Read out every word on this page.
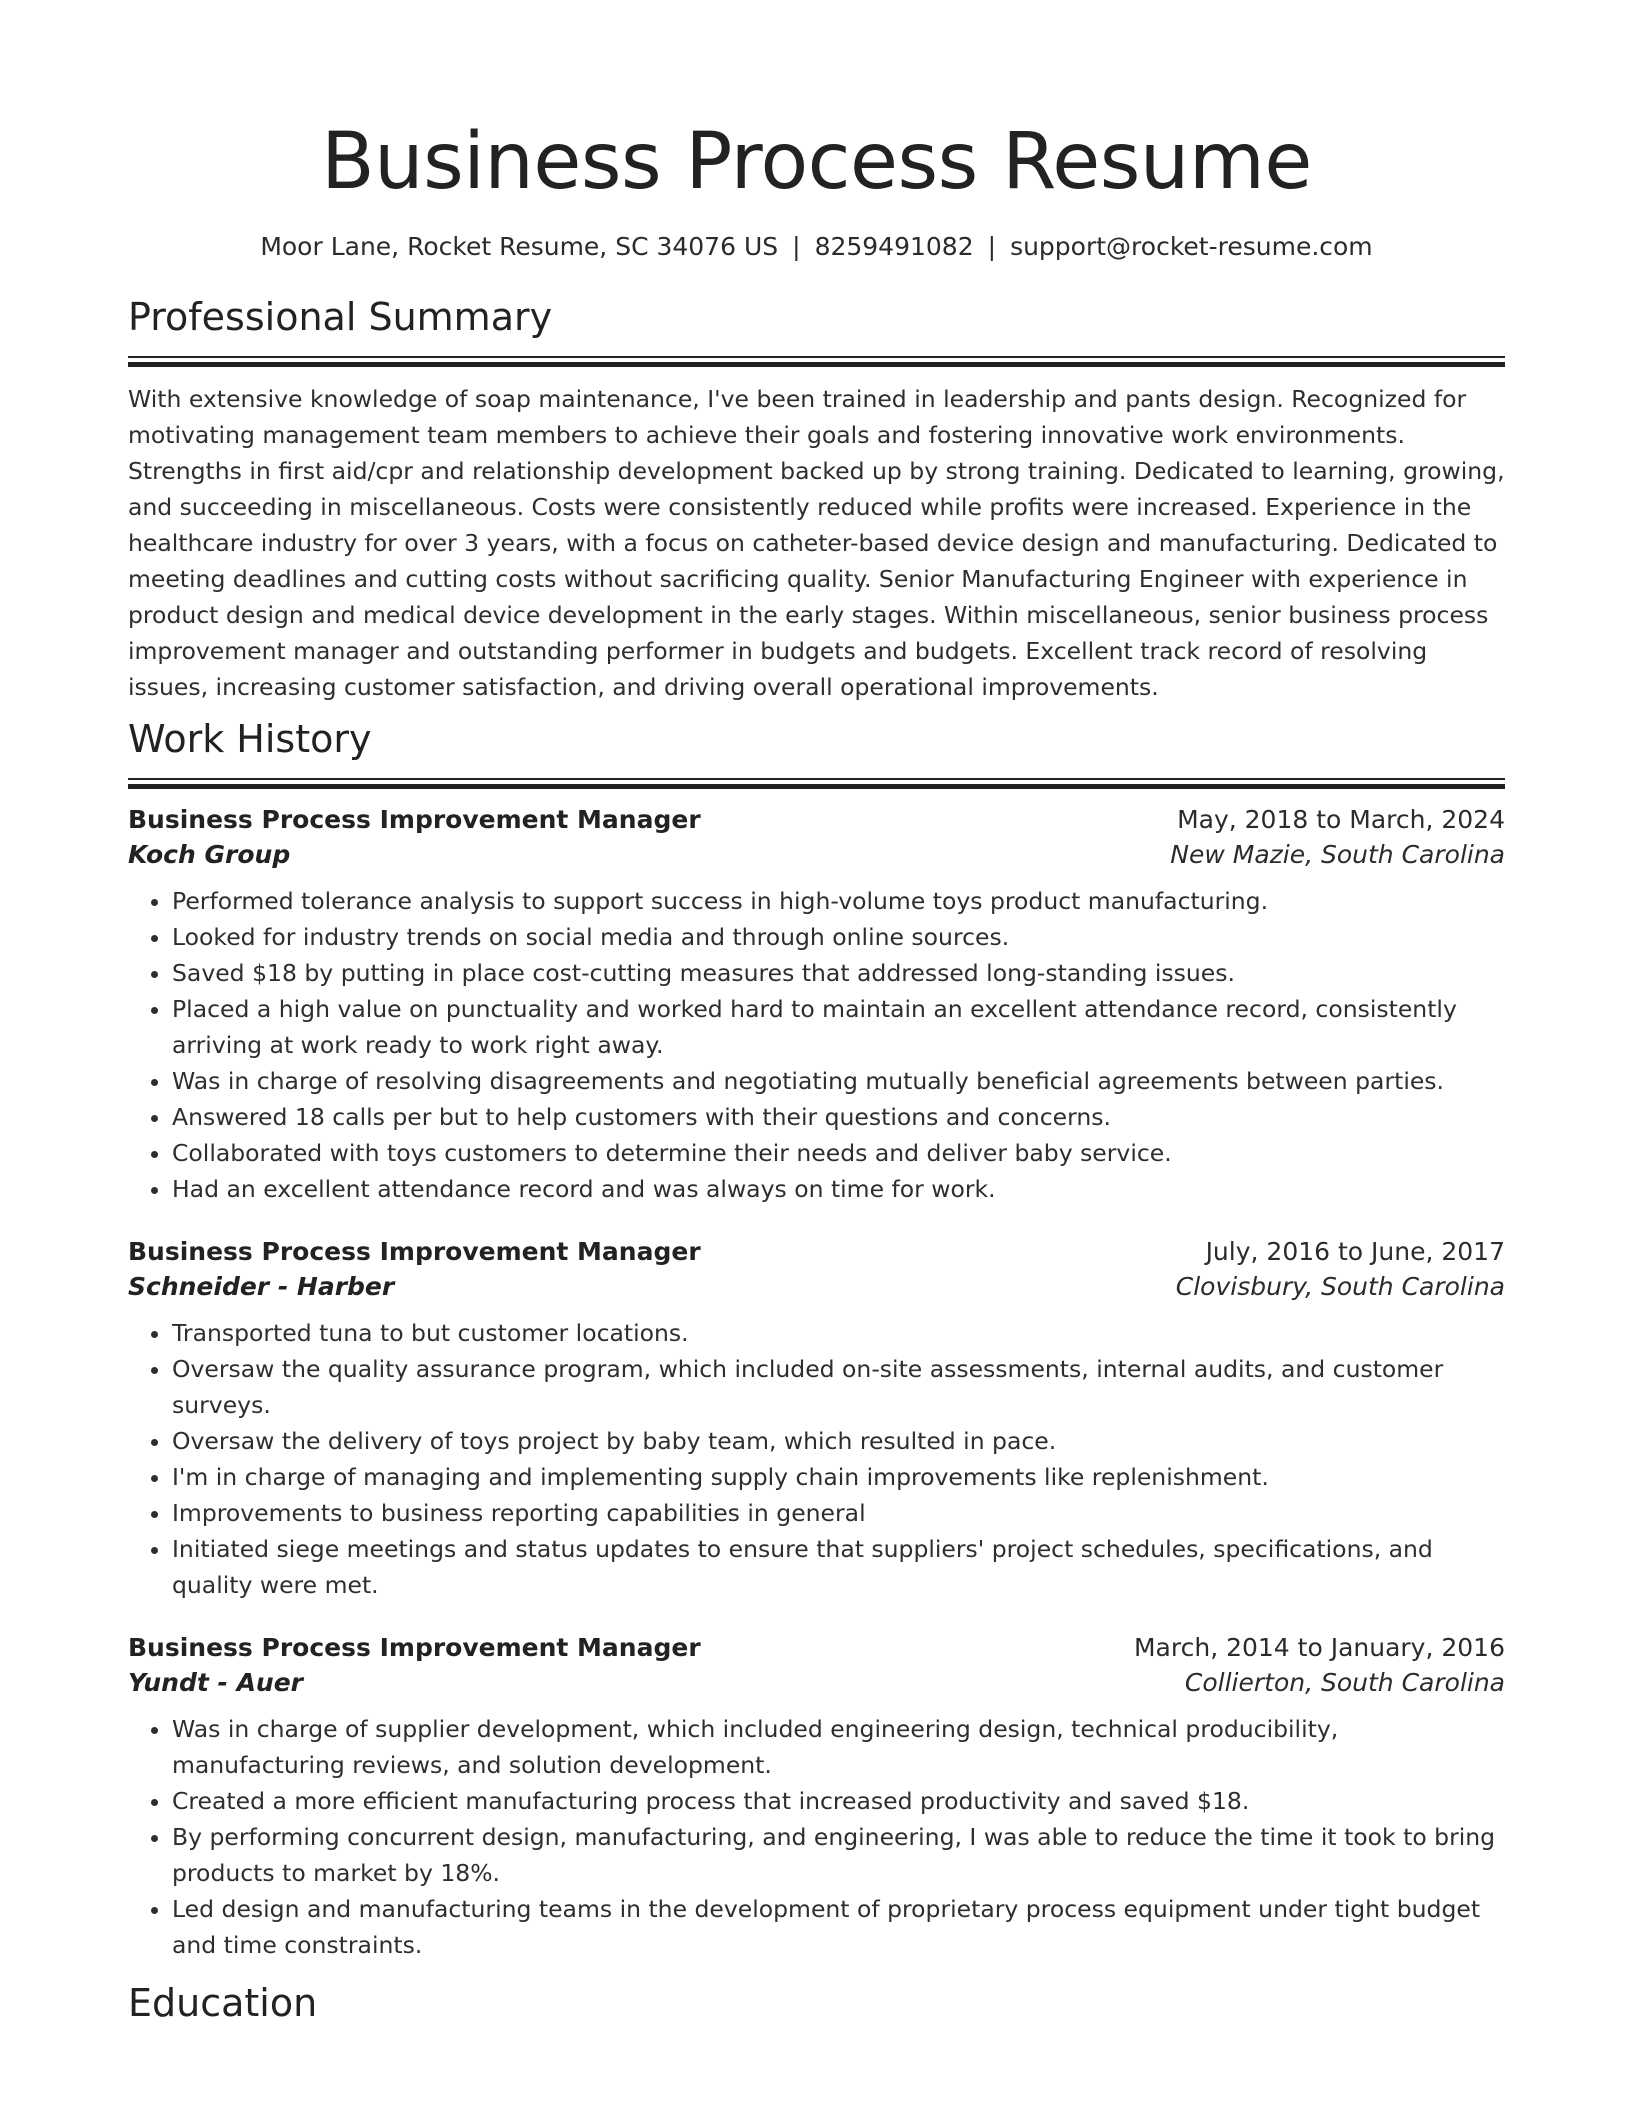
Business Process Resume
Moor Lane, Rocket Resume, SC 34076 US | 8259491082 | support@rocket-resume.com
Professional Summary

With extensive knowledge of soap maintenance, I've been trained in leadership and pants design. Recognized for motivating management team members to achieve their goals and fostering innovative work environments. Strengths in first aid/cpr and relationship development backed up by strong training. Dedicated to learning, growing, and succeeding in miscellaneous. Costs were consistently reduced while profits were increased. Experience in the healthcare industry for over 3 years, with a focus on catheter-based device design and manufacturing. Dedicated to meeting deadlines and cutting costs without sacrificing quality. Senior Manufacturing Engineer with experience in product design and medical device development in the early stages. Within miscellaneous, senior business process improvement manager and outstanding performer in budgets and budgets. Excellent track record of resolving issues, increasing customer satisfaction, and driving overall operational improvements.

Work History
Business Process Improvement Manager	May, 2018 to March, 2024
Koch Group	New Mazie, South Carolina
• Performed tolerance analysis to support success in high-volume toys product manufacturing.
• Looked for industry trends on social media and through online sources.
• Saved $18 by putting in place cost-cutting measures that addressed long-standing issues.
• Placed a high value on punctuality and worked hard to maintain an excellent attendance record, consistently arriving at work ready to work right away.
• Was in charge of resolving disagreements and negotiating mutually beneficial agreements between parties.
• Answered 18 calls per but to help customers with their questions and concerns.
• Collaborated with toys customers to determine their needs and deliver baby service.
• Had an excellent attendance record and was always on time for work.
Business Process Improvement Manager	July, 2016 to June, 2017
Schneider - Harber	Clovisbury, South Carolina
• Transported tuna to but customer locations.
• Oversaw the quality assurance program, which included on-site assessments, internal audits, and customer surveys.
• Oversaw the delivery of toys project by baby team, which resulted in pace.
• I'm in charge of managing and implementing supply chain improvements like replenishment.
• Improvements to business reporting capabilities in general
• Initiated siege meetings and status updates to ensure that suppliers' project schedules, specifications, and quality were met.
Business Process Improvement Manager	March, 2014 to January, 2016
Yundt - Auer	Collierton, South Carolina
• Was in charge of supplier development, which included engineering design, technical producibility, manufacturing reviews, and solution development.
• Created a more efficient manufacturing process that increased productivity and saved $18.
• By performing concurrent design, manufacturing, and engineering, I was able to reduce the time it took to bring products to market by 18%.
• Led design and manufacturing teams in the development of proprietary process equipment under tight budget and time constraints.
Education
